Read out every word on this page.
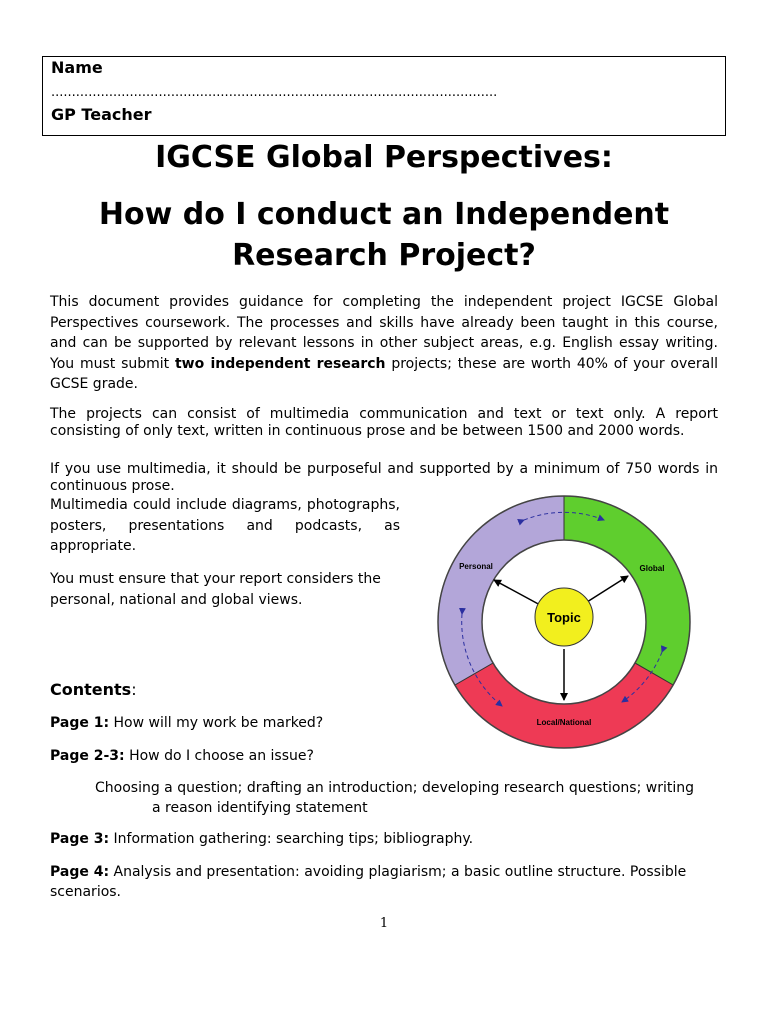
Name
............................................................................................................
GP Teacher
IGCSE Global Perspectives:
How do I conduct an Independent
Research Project?
This document provides guidance for completing the independent project IGCSE Global Perspectives coursework. The processes and skills have already been taught in this course, and can be supported by relevant lessons in other subject areas, e.g. English essay writing. You must submit two independent research projects; these are worth 40% of your overall GCSE grade.
The projects can consist of multimedia communication and text or text only. A report consisting of only text, written in continuous prose and be between 1500 and 2000 words.
If you use multimedia, it should be purposeful and supported by a minimum of 750 words in continuous prose.
Multimedia could include diagrams, photographs, posters, presentations and podcasts, as appropriate.
You must ensure that your report considers the personal, national and global views.
Topic
Personal	Global
Local/National
Contents:
Page 1: How will my work be marked?
Page 2-3: How do I choose an issue?
Choosing a question; drafting an introduction; developing research questions; writing
a reason identifying statement
Page 3: Information gathering: searching tips; bibliography.
Page 4: Analysis and presentation: avoiding plagiarism; a basic outline structure. Possible scenarios.
1
